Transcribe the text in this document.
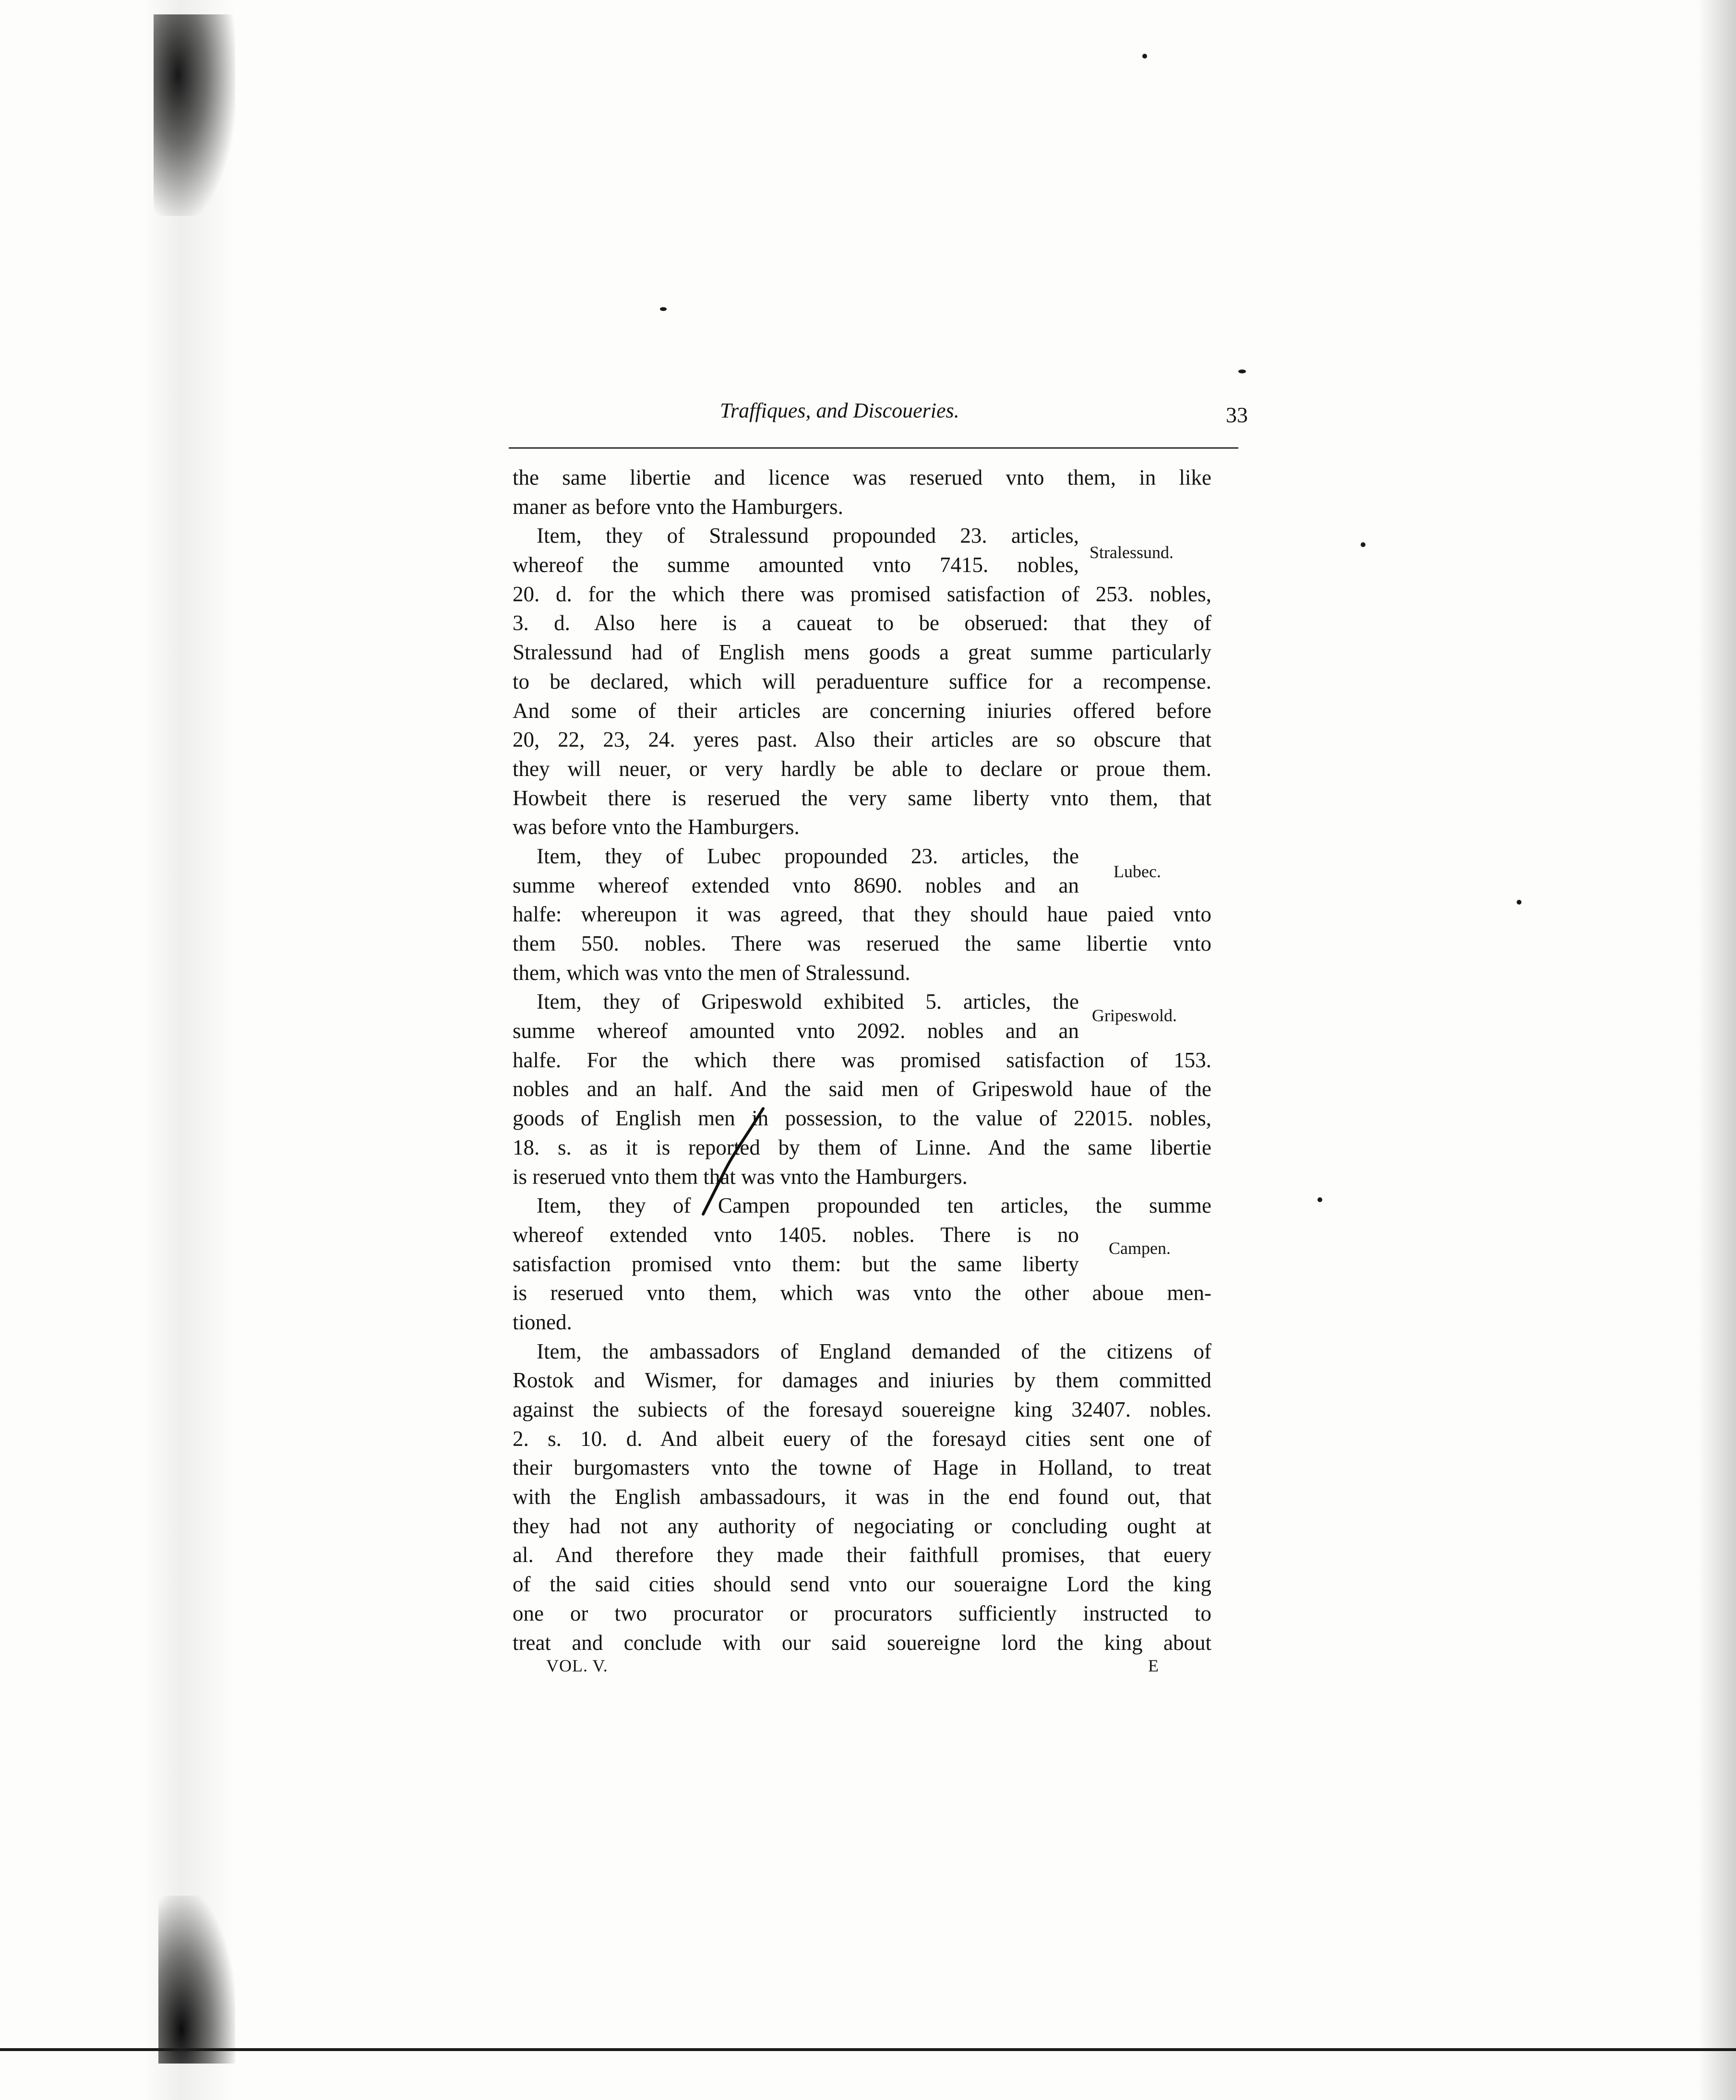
Traffiques, and Discoueries.	33
the same libertie and licence was reserued vnto them, in like
maner as before vnto the Hamburgers.
Item, they of Stralessund propounded 23. articles,
whereof the summe amounted vnto 7415. nobles,
20. d. for the which there was promised satisfaction of 253. nobles,
3. d. Also here is a caueat to be obserued: that they of
Stralessund had of English mens goods a great summe particularly
to be declared, which will peraduenture suffice for a recompense.
And some of their articles are concerning iniuries offered before
20, 22, 23, 24. yeres past. Also their articles are so obscure that
they will neuer, or very hardly be able to declare or proue them.
Howbeit there is reserued the very same liberty vnto them, that
was before vnto the Hamburgers.
Item, they of Lubec propounded 23. articles, the
summe whereof extended vnto 8690. nobles and an
halfe: whereupon it was agreed, that they should haue paied vnto
them 550. nobles. There was reserued the same libertie vnto
them, which was vnto the men of Stralessund.
Item, they of Gripeswold exhibited 5. articles, the
summe whereof amounted vnto 2092. nobles and an
halfe. For the which there was promised satisfaction of 153.
nobles and an half. And the said men of Gripeswold haue of the
goods of English men in possession, to the value of 22015. nobles,
18. s. as it is reported by them of Linne. And the same libertie
is reserued vnto them that was vnto the Hamburgers.
Item, they of Campen propounded ten articles, the summe
whereof extended vnto 1405. nobles. There is no
satisfaction promised vnto them: but the same liberty
is reserued vnto them, which was vnto the other aboue men-
tioned.
Item, the ambassadors of England demanded of the citizens of
Rostok and Wismer, for damages and iniuries by them committed
against the subiects of the foresayd souereigne king 32407. nobles.
2. s. 10. d. And albeit euery of the foresayd cities sent one of
their burgomasters vnto the towne of Hage in Holland, to treat
with the English ambassadours, it was in the end found out, that
they had not any authority of negociating or concluding ought at
al. And therefore they made their faithfull promises, that euery
of the said cities should send vnto our soueraigne Lord the king
one or two procurator or procurators sufficiently instructed to
treat and conclude with our said souereigne lord the king about
Stralessund.
Lubec.
Gripeswold.
Campen.
VOL. V.	E
